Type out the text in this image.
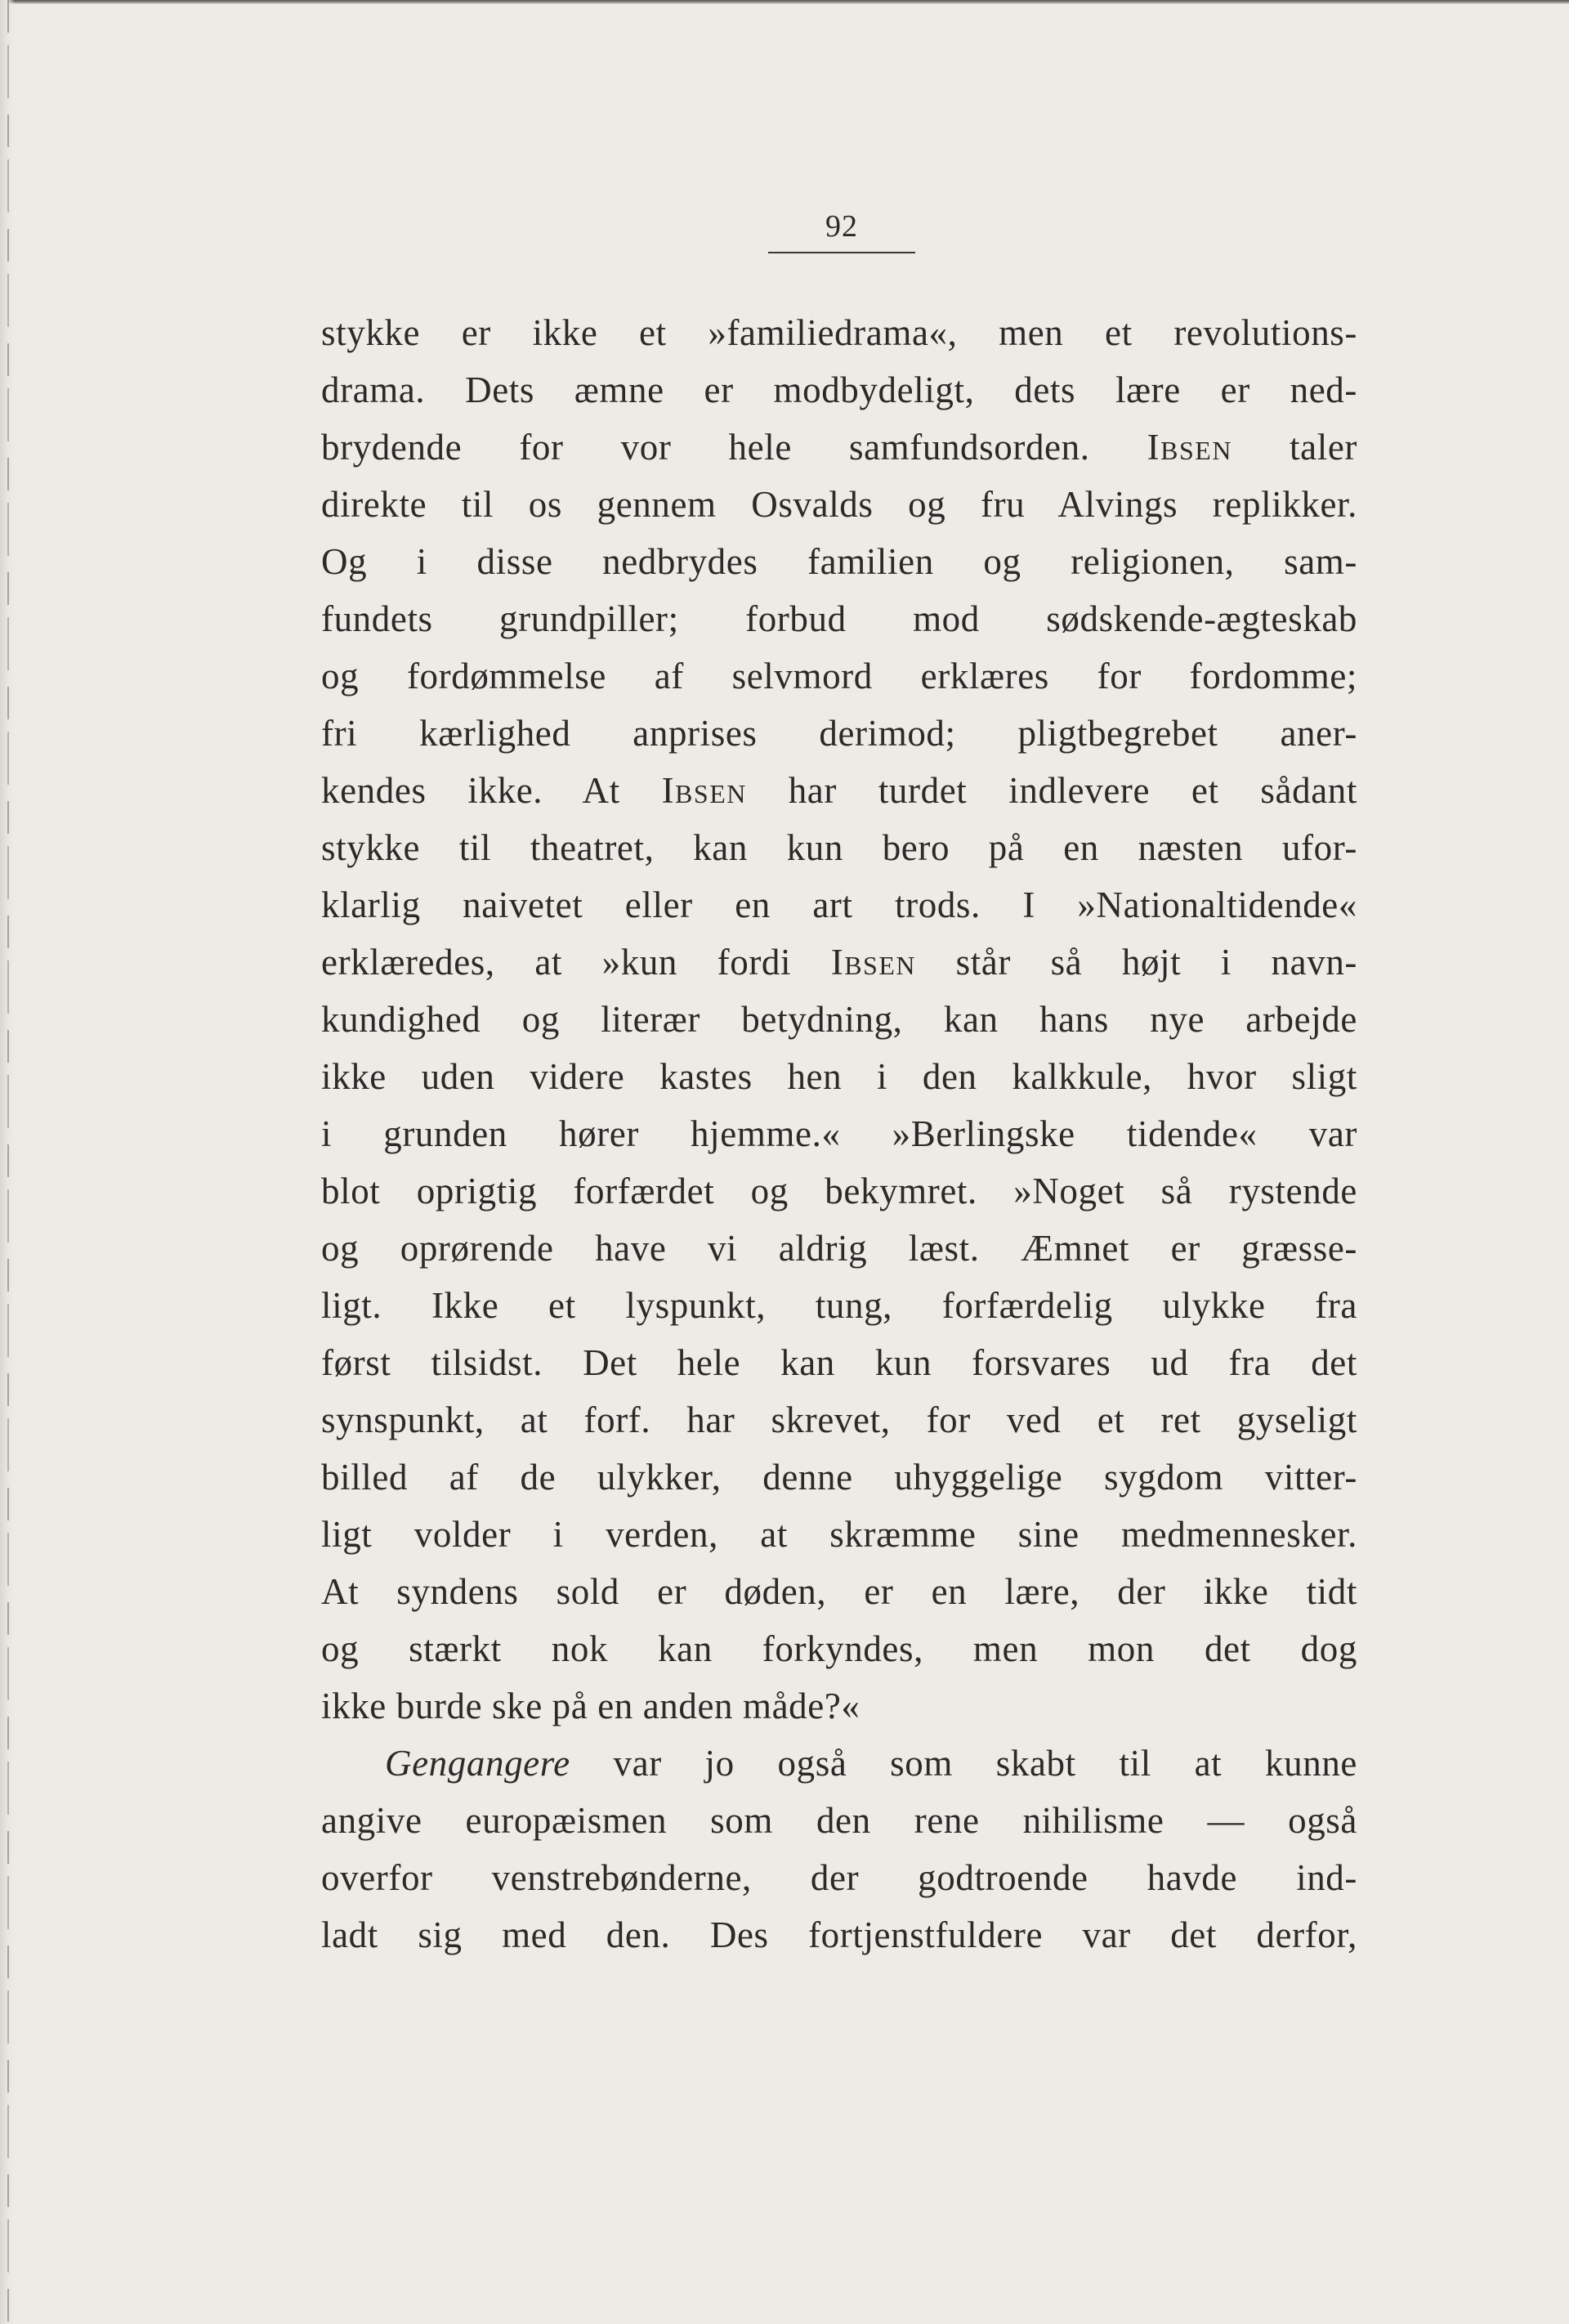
92
stykke er ikke et »familiedrama«, men et revolutions-
drama. Dets æmne er modbydeligt, dets lære er ned-
brydende for vor hele samfundsorden. Ibsen taler
direkte til os gennem Osvalds og fru Alvings replikker.
Og i disse nedbrydes familien og religionen, sam-
fundets grundpiller; forbud mod sødskende-ægteskab
og fordømmelse af selvmord erklæres for fordomme;
fri kærlighed anprises derimod; pligtbegrebet aner-
kendes ikke. At Ibsen har turdet indlevere et sådant
stykke til theatret, kan kun bero på en næsten ufor-
klarlig naivetet eller en art trods. I »Nationaltidende«
erklæredes, at »kun fordi Ibsen står så højt i navn-
kundighed og literær betydning, kan hans nye arbejde
ikke uden videre kastes hen i den kalkkule, hvor sligt
i grunden hører hjemme.« »Berlingske tidende« var
blot oprigtig forfærdet og bekymret. »Noget så rystende
og oprørende have vi aldrig læst. Æmnet er græsse-
ligt. Ikke et lyspunkt, tung, forfærdelig ulykke fra
først tilsidst. Det hele kan kun forsvares ud fra det
synspunkt, at forf. har skrevet, for ved et ret gyseligt
billed af de ulykker, denne uhyggelige sygdom vitter-
ligt volder i verden, at skræmme sine medmennesker.
At syndens sold er døden, er en lære, der ikke tidt
og stærkt nok kan forkyndes, men mon det dog
ikke burde ske på en anden måde?«
Gengangere var jo også som skabt til at kunne
angive europæismen som den rene nihilisme — også
overfor venstrebønderne, der godtroende havde ind-
ladt sig med den. Des fortjenstfuldere var det derfor,
